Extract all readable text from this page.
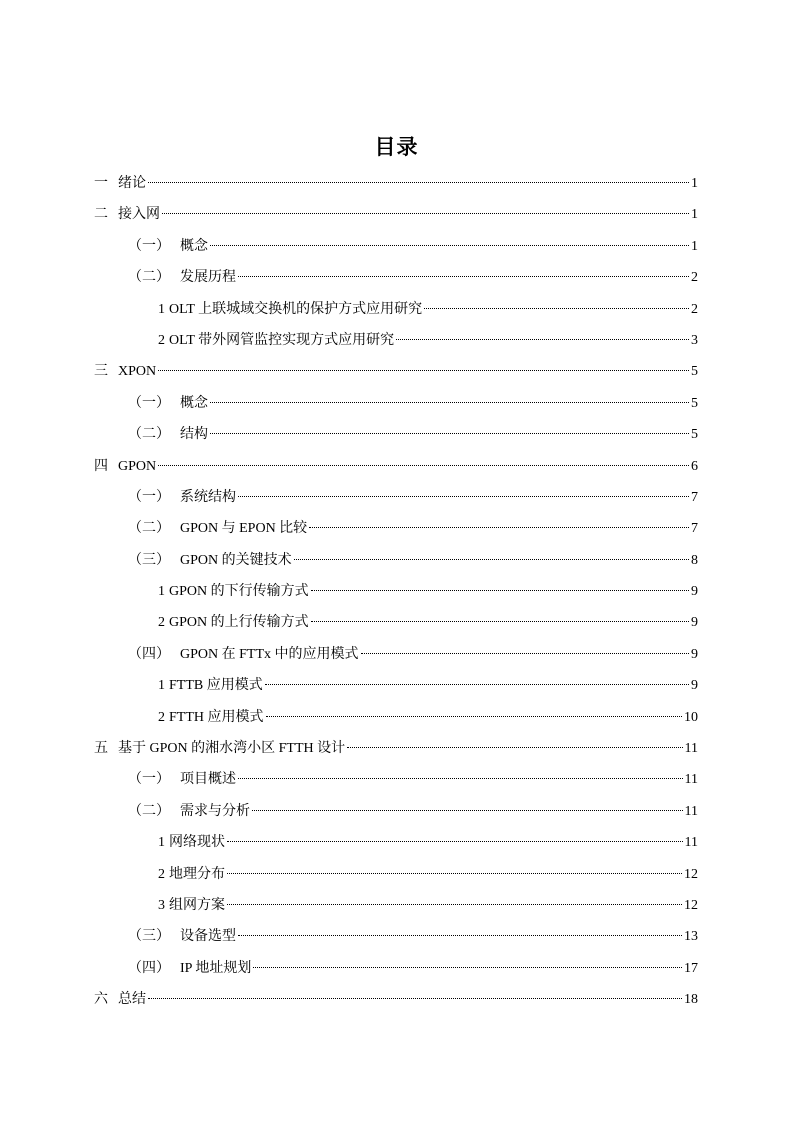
目录
一 绪论	1
二 接入网	1
（一） 概念	1
（二） 发展历程	2
1 OLT 上联城域交换机的保护方式应用研究	2
2 OLT 带外网管监控实现方式应用研究	3
三 XPON	5
（一） 概念	5
（二） 结构	5
四 GPON	6
（一） 系统结构	7
（二） GPON 与 EPON 比较	7
（三） GPON 的关键技术	8
1 GPON 的下行传输方式	9
2 GPON 的上行传输方式	9
（四） GPON 在 FTTx 中的应用模式	9
1 FTTB 应用模式	9
2 FTTH 应用模式	10
五 基于 GPON 的湘水湾小区 FTTH 设计	11
（一） 项目概述	11
（二） 需求与分析	11
1 网络现状	11
2 地理分布	12
3 组网方案	12
（三） 设备选型	13
（四） IP 地址规划	17
六 总结	18
